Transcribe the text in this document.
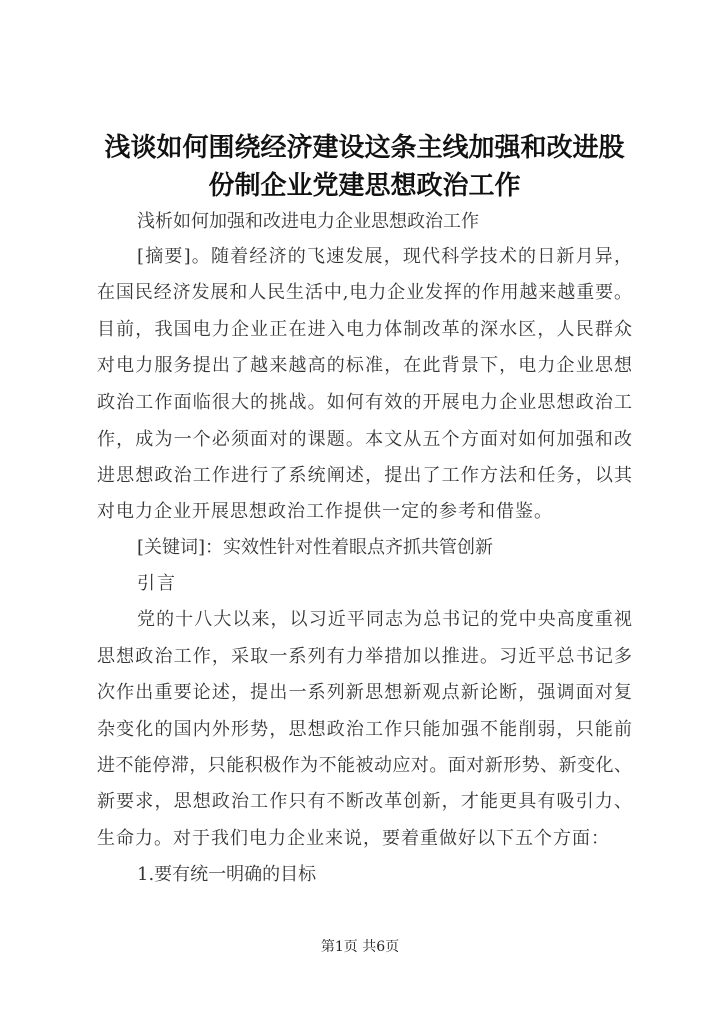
浅谈如何围绕经济建设这条主线加强和改进股
份制企业党建思想政治工作
浅析如何加强和改进电力企业思想政治工作
[摘要]。随着经济的飞速发展，现代科学技术的日新月异，
在国民经济发展和人民生活中,电力企业发挥的作用越来越重要。
目前，我国电力企业正在进入电力体制改革的深水区，人民群众
对电力服务提出了越来越高的标准，在此背景下，电力企业思想
政治工作面临很大的挑战。如何有效的开展电力企业思想政治工
作，成为一个必须面对的课题。本文从五个方面对如何加强和改
进思想政治工作进行了系统阐述，提出了工作方法和任务，以其
对电力企业开展思想政治工作提供一定的参考和借鉴。
[关键词]：实效性针对性着眼点齐抓共管创新
引言
党的十八大以来，以习近平同志为总书记的党中央高度重视
思想政治工作，采取一系列有力举措加以推进。习近平总书记多
次作出重要论述，提出一系列新思想新观点新论断，强调面对复
杂变化的国内外形势，思想政治工作只能加强不能削弱，只能前
进不能停滞，只能积极作为不能被动应对。面对新形势、新变化、
新要求，思想政治工作只有不断改革创新，才能更具有吸引力、
生命力。对于我们电力企业来说，要着重做好以下五个方面：
1.要有统一明确的目标
第1页 共6页
